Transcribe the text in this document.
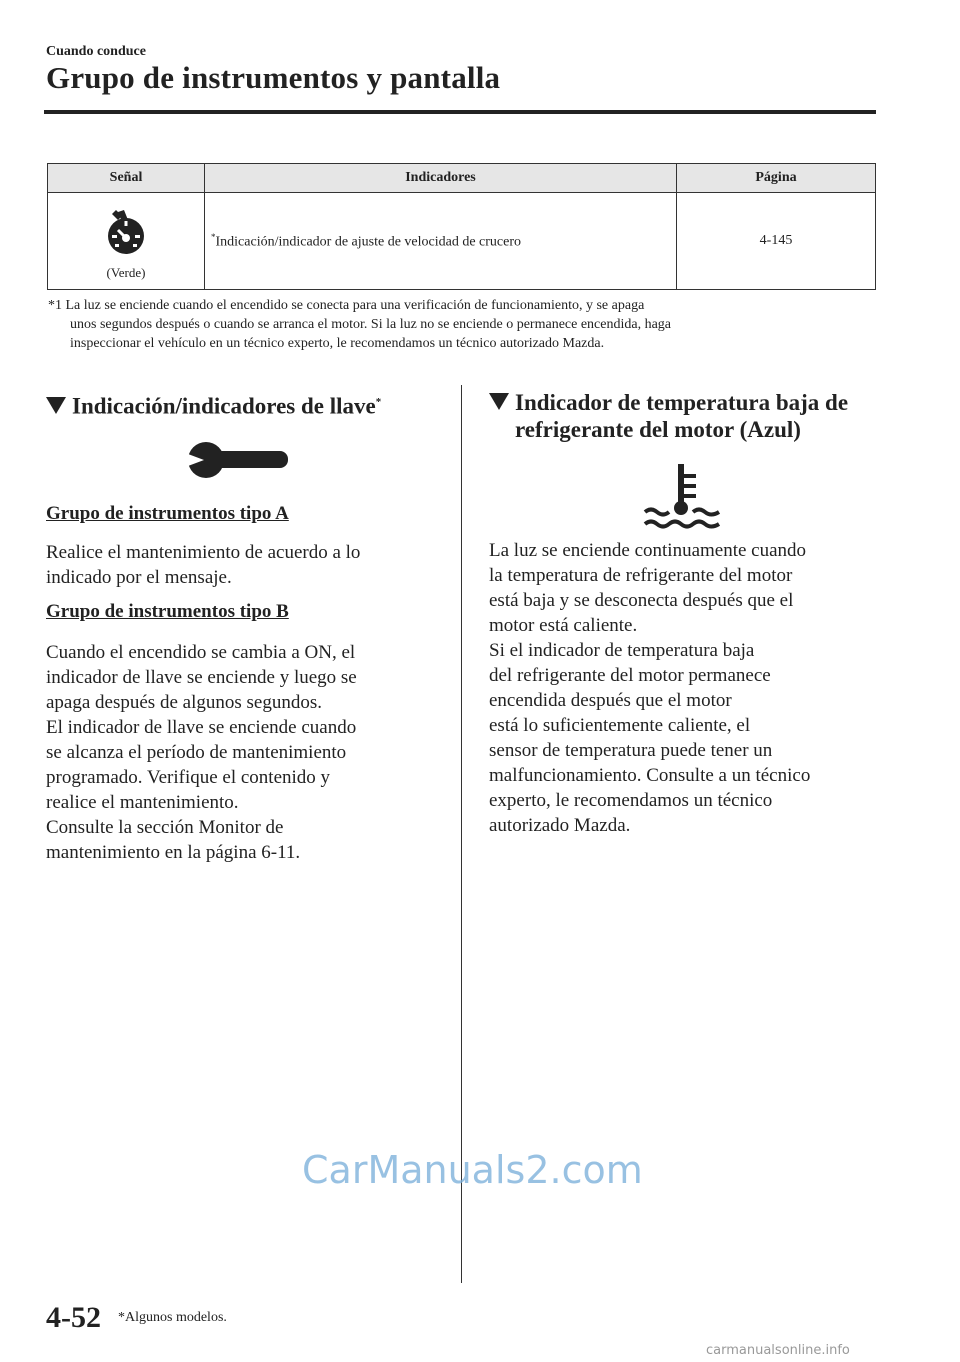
Cuando conduce
Grupo de instrumentos y pantalla
Señal	Indicadores	Página

(Verde)	*Indicación/indicador de ajuste de velocidad de crucero	4-145
*1 La luz se enciende cuando el encendido se conecta para una verificación de funcionamiento, y se apaga
unos segundos después o cuando se arranca el motor. Si la luz no se enciende o permanece encendida, haga
inspeccionar el vehículo en un técnico experto, le recomendamos un técnico autorizado Mazda.
Indicación/indicadores de llave*
Grupo de instrumentos tipo A
Realice el mantenimiento de acuerdo a lo
indicado por el mensaje.
Grupo de instrumentos tipo B
Cuando el encendido se cambia a ON, el
indicador de llave se enciende y luego se
apaga después de algunos segundos.
El indicador de llave se enciende cuando
se alcanza el período de mantenimiento
programado. Verifique el contenido y
realice el mantenimiento.
Consulte la sección Monitor de
mantenimiento en la página 6-11.
Indicador de temperatura baja de
refrigerante del motor (Azul)
La luz se enciende continuamente cuando
la temperatura de refrigerante del motor
está baja y se desconecta después que el
motor está caliente.
Si el indicador de temperatura baja
del refrigerante del motor permanece
encendida después que el motor
está lo suficientemente caliente, el
sensor de temperatura puede tener un
malfuncionamiento. Consulte a un técnico
experto, le recomendamos un técnico
autorizado Mazda.
CarManuals2.com
4-52 *Algunos modelos.
carmanualsonline.info
